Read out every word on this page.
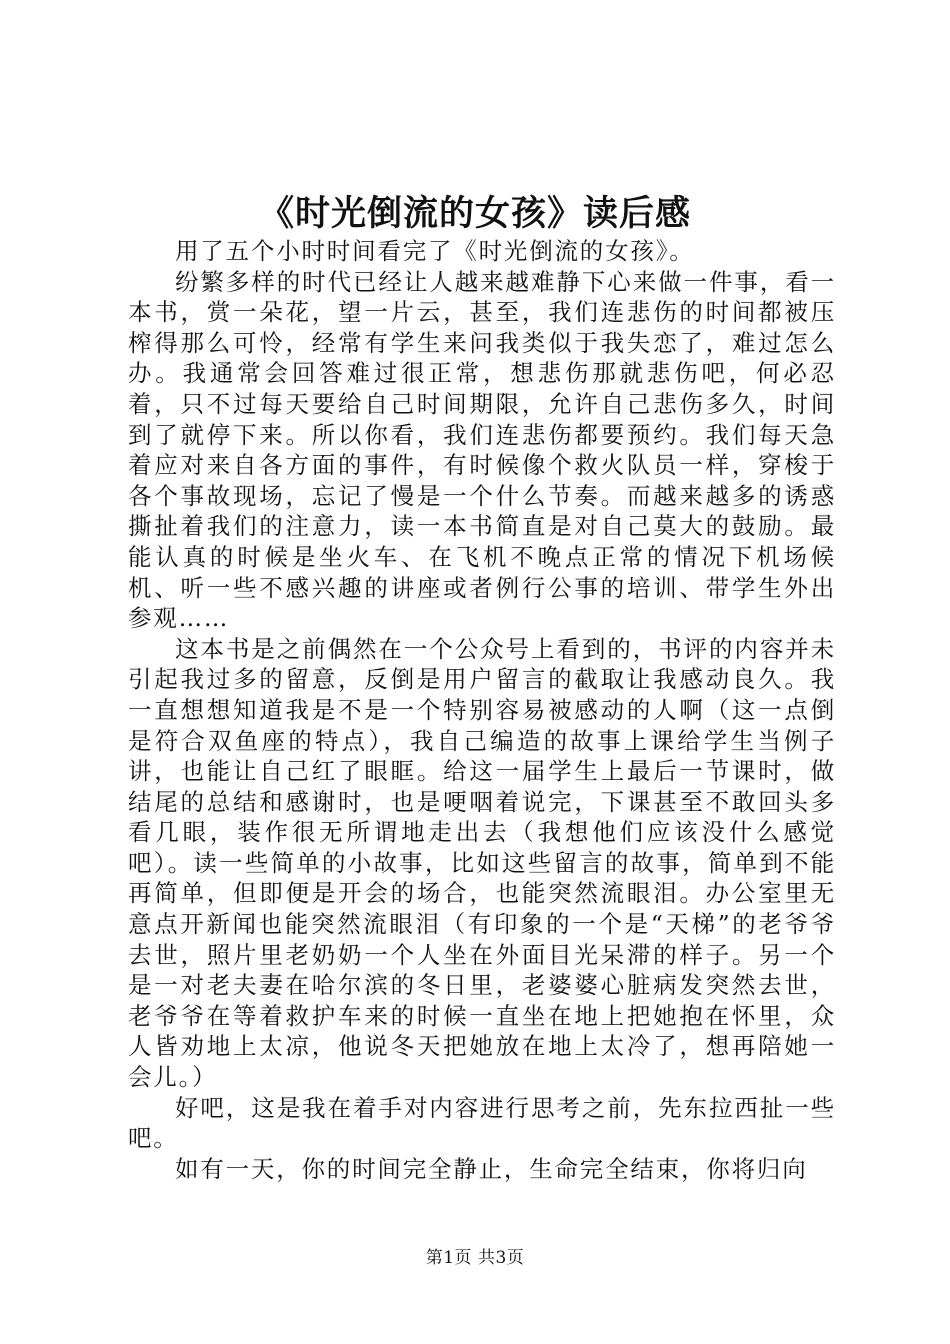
《时光倒流的女孩》读后感

用了五个小时时间看完了《时光倒流的女孩》。

纷繁多样的时代已经让人越来越难静下心来做一件事，看一本书，赏一朵花，望一片云，甚至，我们连悲伤的时间都被压榨得那么可怜，经常有学生来问我类似于我失恋了，难过怎么办。我通常会回答难过很正常，想悲伤那就悲伤吧，何必忍着，只不过每天要给自己时间期限，允许自己悲伤多久，时间到了就停下来。所以你看，我们连悲伤都要预约。我们每天急着应对来自各方面的事件，有时候像个救火队员一样，穿梭于各个事故现场，忘记了慢是一个什么节奏。而越来越多的诱惑撕扯着我们的注意力，读一本书简直是对自己莫大的鼓励。最能认真的时候是坐火车、在飞机不晚点正常的情况下机场候机、听一些不感兴趣的讲座或者例行公事的培训、带学生外出参观……

这本书是之前偶然在一个公众号上看到的，书评的内容并未引起我过多的留意，反倒是用户留言的截取让我感动良久。我一直想想知道我是不是一个特别容易被感动的人啊（这一点倒是符合双鱼座的特点），我自己编造的故事上课给学生当例子讲，也能让自己红了眼眶。给这一届学生上最后一节课时，做结尾的总结和感谢时，也是哽咽着说完，下课甚至不敢回头多看几眼，装作很无所谓地走出去（我想他们应该没什么感觉吧）。读一些简单的小故事，比如这些留言的故事，简单到不能再简单，但即便是开会的场合，也能突然流眼泪。办公室里无意点开新闻也能突然流眼泪（有印象的一个是“天梯”的老爷爷去世，照片里老奶奶一个人坐在外面目光呆滞的样子。另一个是一对老夫妻在哈尔滨的冬日里，老婆婆心脏病发突然去世，老爷爷在等着救护车来的时候一直坐在地上把她抱在怀里，众人皆劝地上太凉，他说冬天把她放在地上太冷了，想再陪她一会儿。）

好吧，这是我在着手对内容进行思考之前，先东拉西扯一些吧。

如有一天，你的时间完全静止，生命完全结束，你将归向

第1页 共3页
